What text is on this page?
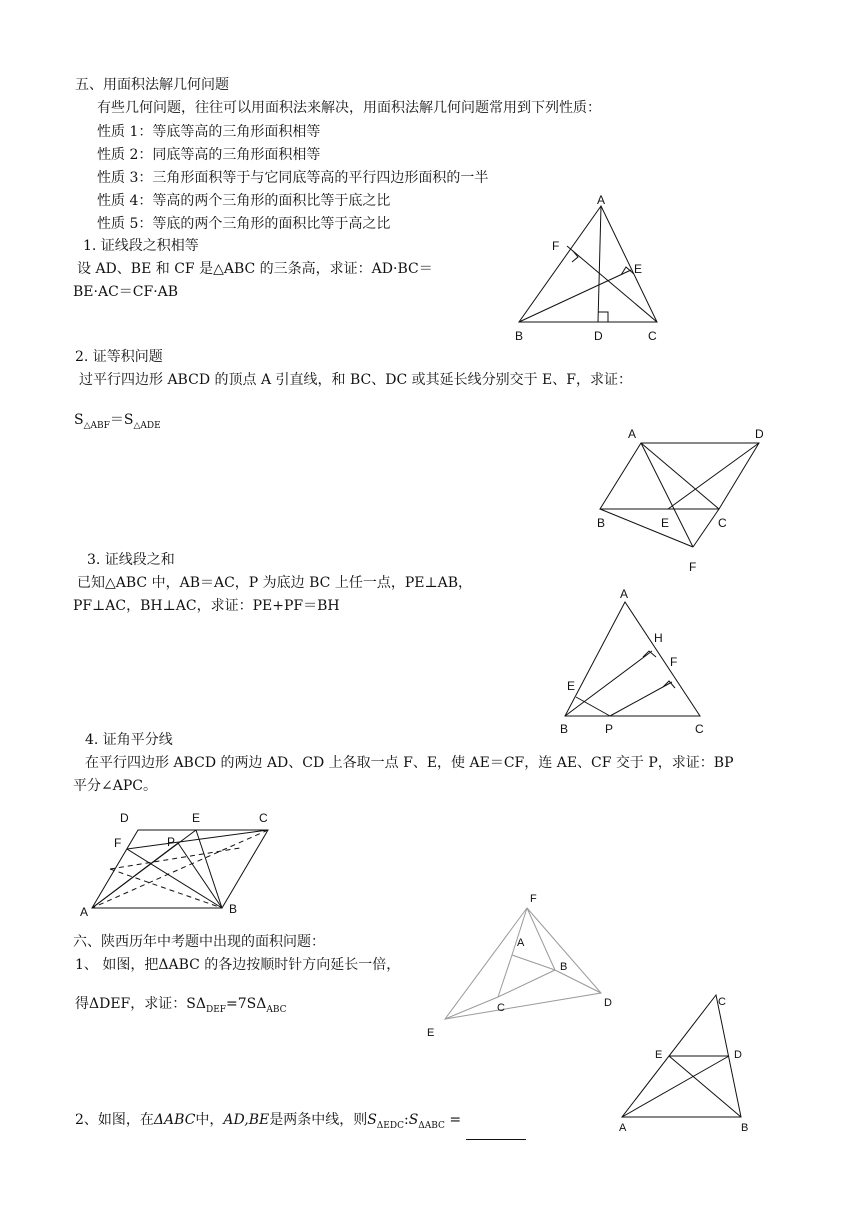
五、用面积法解几何问题
有些几何问题，往往可以用面积法来解决，用面积法解几何问题常用到下列性质：
性质 1：等底等高的三角形面积相等
性质 2：同底等高的三角形面积相等
性质 3：三角形面积等于与它同底等高的平行四边形面积的一半
性质 4：等高的两个三角形的面积比等于底之比
性质 5：等底的两个三角形的面积比等于高之比
1. 证线段之积相等
设 AD、BE 和 CF 是△ABC 的三条高，求证：AD·BC＝
BE·AC＝CF·AB
A
B	C
D
E
F
2. 证等积问题
过平行四边形 ABCD 的顶点 A 引直线，和 BC、DC 或其延长线分别交于 E、F，求证：
$S_{\triangle ABF}=S_{\triangle ADE}$
A	D
B	E	C
F
3. 证线段之和
已知△ABC 中，AB＝AC，P 为底边 BC 上任一点，PE⊥AB，
PF⊥AC，BH⊥AC，求证：PE+PF＝BH
A
H
F
E
B	P	C
4. 证角平分线
在平行四边形 ABCD 的两边 AD、CD 上各取一点 F、E，使 AE＝CF，连 AE、CF 交于 P，求证：BP
平分∠APC。
D	E	C
F	P
A	B
六、陕西历年中考题中出现的面积问题：
1、 如图，把ΔABC 的各边按顺时针方向延长一倍，
得ΔDEF，求证：$S\Delta_{DEF}=7S\Delta_{ABC}$
F
A
B
C	D
E
2、如图，在ΔABC中，AD,BE是两条中线，则$S_{\Delta EDC}:S_{\Delta ABC}$ =
C
E	D
A	B
